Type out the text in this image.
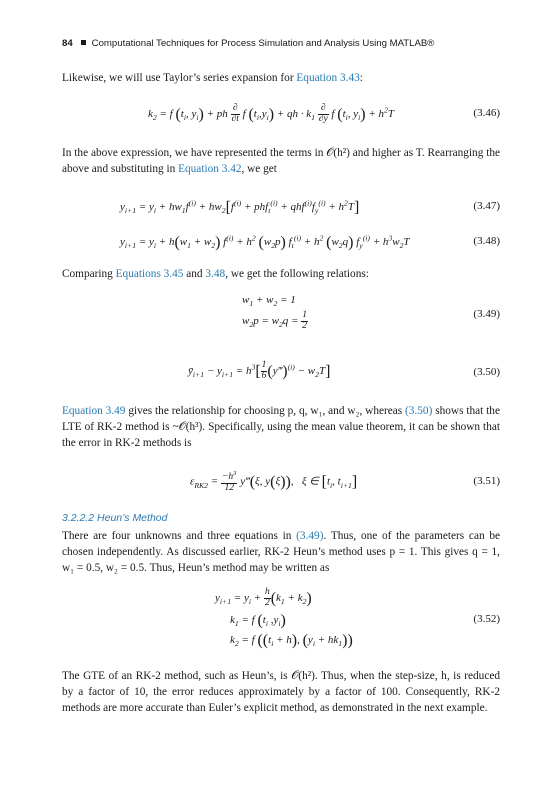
84 Computational Techniques for Process Simulation and Analysis Using MATLAB®
Likewise, we will use Taylor’s series expansion for Equation 3.43:
$k_2 = f$ ($t_i$, $y_i$) + ph $\frac{\partial}{\partial t}$ f $(t_i,y_i)$ + qh · $k_1 \frac{\partial}{\partial y}$ f ($t_i$, $y_i) + h^2T$	(3.46)
In the above expression, we have represented the terms in 𝒪(h²) and higher as T. Rearranging the above and substituting in Equation 3.42, we get
$y_{i+1} = y_i + hw_1f^{(i)} + hw_2[f^{(i)} + phf_t^{(i)} + qhf^{(i)}f_y^{(i)} + h^2T]$	(3.47)
$y_{i+1} = y_i + h(w_1 + w_2) f^{(i)} + h^2$ $(w_2p) f_t^{(i)} + h^2$ $(w_2q) f_y^{(i)} + h^3w_2T$	(3.48)
Comparing Equations 3.45 and 3.48, we get the following relations:
$w_1 + w_2 = 1$
$w_2p = w_2q = \frac{1}{2}$	(3.49)
$ȳ_{i+1} - y_{i+1} = h^3[ \frac{1}{6}$ (y‴)$^{(i)}$ − $w_2T$]	(3.50)
Equation 3.49 gives the relationship for choosing p, q, w₁, and w₂, whereas (3.50) shows that the LTE of RK-2 method is ~𝒪(h³). Specifically, using the mean value theorem, it can be shown that the error in RK-2 methods is
$\varepsilon_{RK2} = \frac{-h^3}{12}$ y‴(ξ, y(ξ)),   ξ ∈ [$t_i$, $t_{i+1}$]	(3.51)
3.2.2.2 Heun’s Method
There are four unknowns and three equations in (3.49). Thus, one of the parameters can be chosen independently. As discussed earlier, RK-2 Heun’s method uses p = 1. This gives q = 1, w₁ = 0.5, w₂ = 0.5. Thus, Heun’s method may be written as
$y_{i+1} = y_i + \frac{h}{2} (k_1 + k_2)$
$k_1 = f$ ($t_i$ $,y_i$)
$k_2 = f$ ($(t_i + h)$, $(y_i + hk_1)$)
(3.52)
The GTE of an RK-2 method, such as Heun’s, is 𝒪(h²). Thus, when the step-size, h, is reduced by a factor of 10, the error reduces approximately by a factor of 100. Consequently, RK-2 methods are more accurate than Euler’s explicit method, as demonstrated in the next example.
